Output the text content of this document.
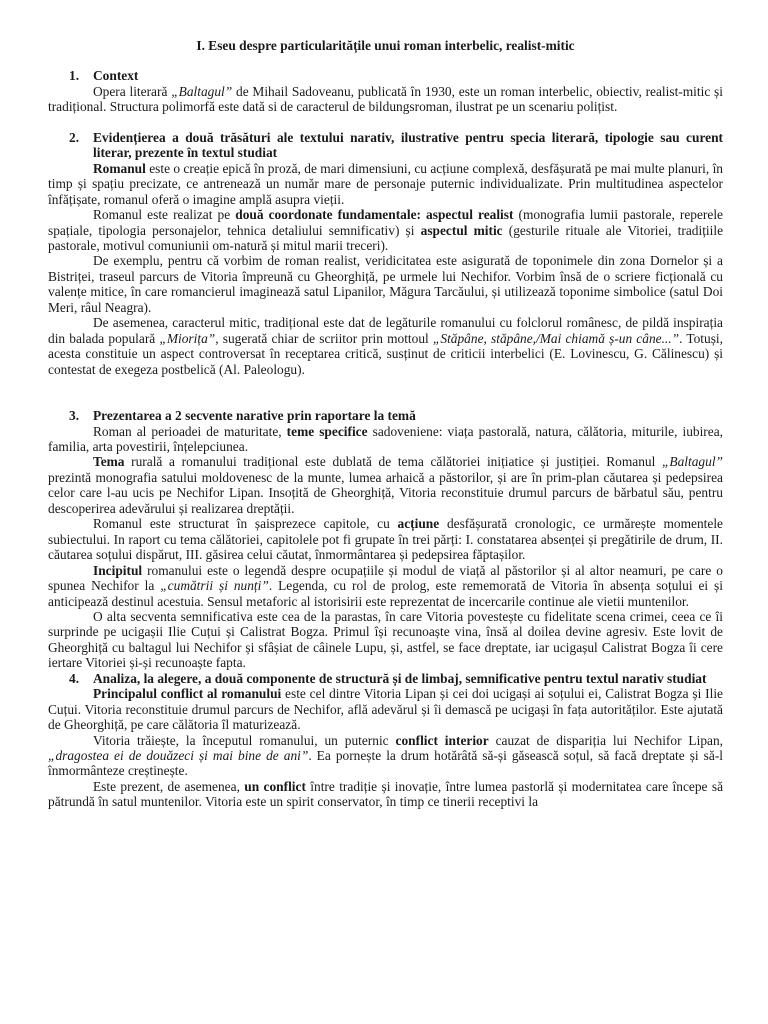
I. Eseu despre particularitățile unui roman interbelic, realist-mitic
1.	Context

Opera literară „Baltagul” de Mihail Sadoveanu, publicată în 1930, este un roman interbelic, obiectiv, realist-mitic și tradițional. Structura polimorfă este dată si de caracterul de bildungsroman, ilustrat pe un scenariu polițist.

2.	Evidențierea a două trăsături ale textului narativ, ilustrative pentru specia literară, tipologie sau curent literar, prezente în textul studiat

Romanul este o creație epică în proză, de mari dimensiuni, cu acțiune complexă, desfășurată pe mai multe planuri, în timp și spațiu precizate, ce antrenează un număr mare de personaje puternic individualizate. Prin multitudinea aspectelor înfățișate, romanul oferă o imagine amplă asupra vieții.

Romanul este realizat pe două coordonate fundamentale: aspectul realist (monografia lumii pastorale, reperele spațiale, tipologia personajelor, tehnica detaliului semnificativ) și aspectul mitic (gesturile rituale ale Vitoriei, tradițiile pastorale, motivul comuniunii om-natură și mitul marii treceri).

De exemplu, pentru că vorbim de roman realist, veridicitatea este asigurată de toponimele din zona Dornelor și a Bistriței, traseul parcurs de Vitoria împreună cu Gheorghiță, pe urmele lui Nechifor. Vorbim însă de o scriere ficțională cu valențe mitice, în care romancierul imaginează satul Lipanilor, Măgura Tarcăului, și utilizează toponime simbolice (satul Doi Meri, râul Neagra).

De asemenea, caracterul mitic, tradițional este dat de legăturile romanului cu folclorul românesc, de pildă inspirația din balada populară „Miorița”, sugerată chiar de scriitor prin mottoul „Stăpâne, stăpâne,/Mai chiamă ș-un câne...”. Totuși, acesta constituie un aspect controversat în receptarea critică, susținut de criticii interbelici (E. Lovinescu, G. Călinescu) și contestat de exegeza postbelică (Al. Paleologu).

3.	Prezentarea a 2 secvente narative prin raportare la temă

Roman al perioadei de maturitate, teme specifice sadoveniene: viața pastorală, natura, călătoria, miturile, iubirea, familia, arta povestirii, înțelepciunea.

Tema rurală a romanului tradițional este dublată de tema călătoriei inițiatice și justiției. Romanul „Baltagul” prezintă monografia satului moldovenesc de la munte, lumea arhaică a păstorilor, și are în prim-plan căutarea și pedepsirea celor care l-au ucis pe Nechifor Lipan. Insoțită de Gheorghiță, Vitoria reconstituie drumul parcurs de bărbatul său, pentru descoperirea adevărului și realizarea dreptății.

Romanul este structurat în șaisprezece capitole, cu acțiune desfășurată cronologic, ce urmărește momentele subiectului. In raport cu tema călătoriei, capitolele pot fi grupate în trei părți: I. constatarea absenței și pregătirile de drum, II. căutarea soțului dispărut, III. găsirea celui căutat, înmormântarea și pedepsirea făptașilor.

Incipitul romanului este o legendă despre ocupațiile și modul de viață al păstorilor și al altor neamuri, pe care o spunea Nechifor la „cumătrii și nunți”. Legenda, cu rol de prolog, este rememorată de Vitoria în absența soțului ei și anticipează destinul acestuia. Sensul metaforic al istorisirii este reprezentat de incercarile continue ale vietii muntenilor.

O alta secventa semnificativa este cea de la parastas, în care Vitoria povestește cu fidelitate scena crimei, ceea ce îi surprinde pe ucigașii Ilie Cuțui și Calistrat Bogza. Primul își recunoaște vina, însă al doilea devine agresiv. Este lovit de Gheorghiță cu baltagul lui Nechifor și sfâșiat de câinele Lupu, și, astfel, se face dreptate, iar ucigașul Calistrat Bogza îi cere iertare Vitoriei și-și recunoaște fapta.

4.	Analiza, la alegere, a două componente de structură și de limbaj, semnificative pentru textul narativ studiat

Principalul conflict al romanului este cel dintre Vitoria Lipan și cei doi ucigași ai soțului ei, Calistrat Bogza și Ilie Cuțui. Vitoria reconstituie drumul parcurs de Nechifor, află adevărul și îi demască pe ucigași în fața autorităților. Este ajutată de Gheorghiță, pe care călătoria îl maturizează.

Vitoria trăiește, la începutul romanului, un puternic conflict interior cauzat de dispariția lui Nechifor Lipan, „dragostea ei de douăzeci și mai bine de ani”. Ea pornește la drum hotărâtă să-și găsească soțul, să facă dreptate și să-l înmormânteze creștinește.

Este prezent, de asemenea, un conflict între tradiție și inovație, între lumea pastorlă și modernitatea care începe să pătrundă în satul muntenilor. Vitoria este un spirit conservator, în timp ce tinerii receptivi la
